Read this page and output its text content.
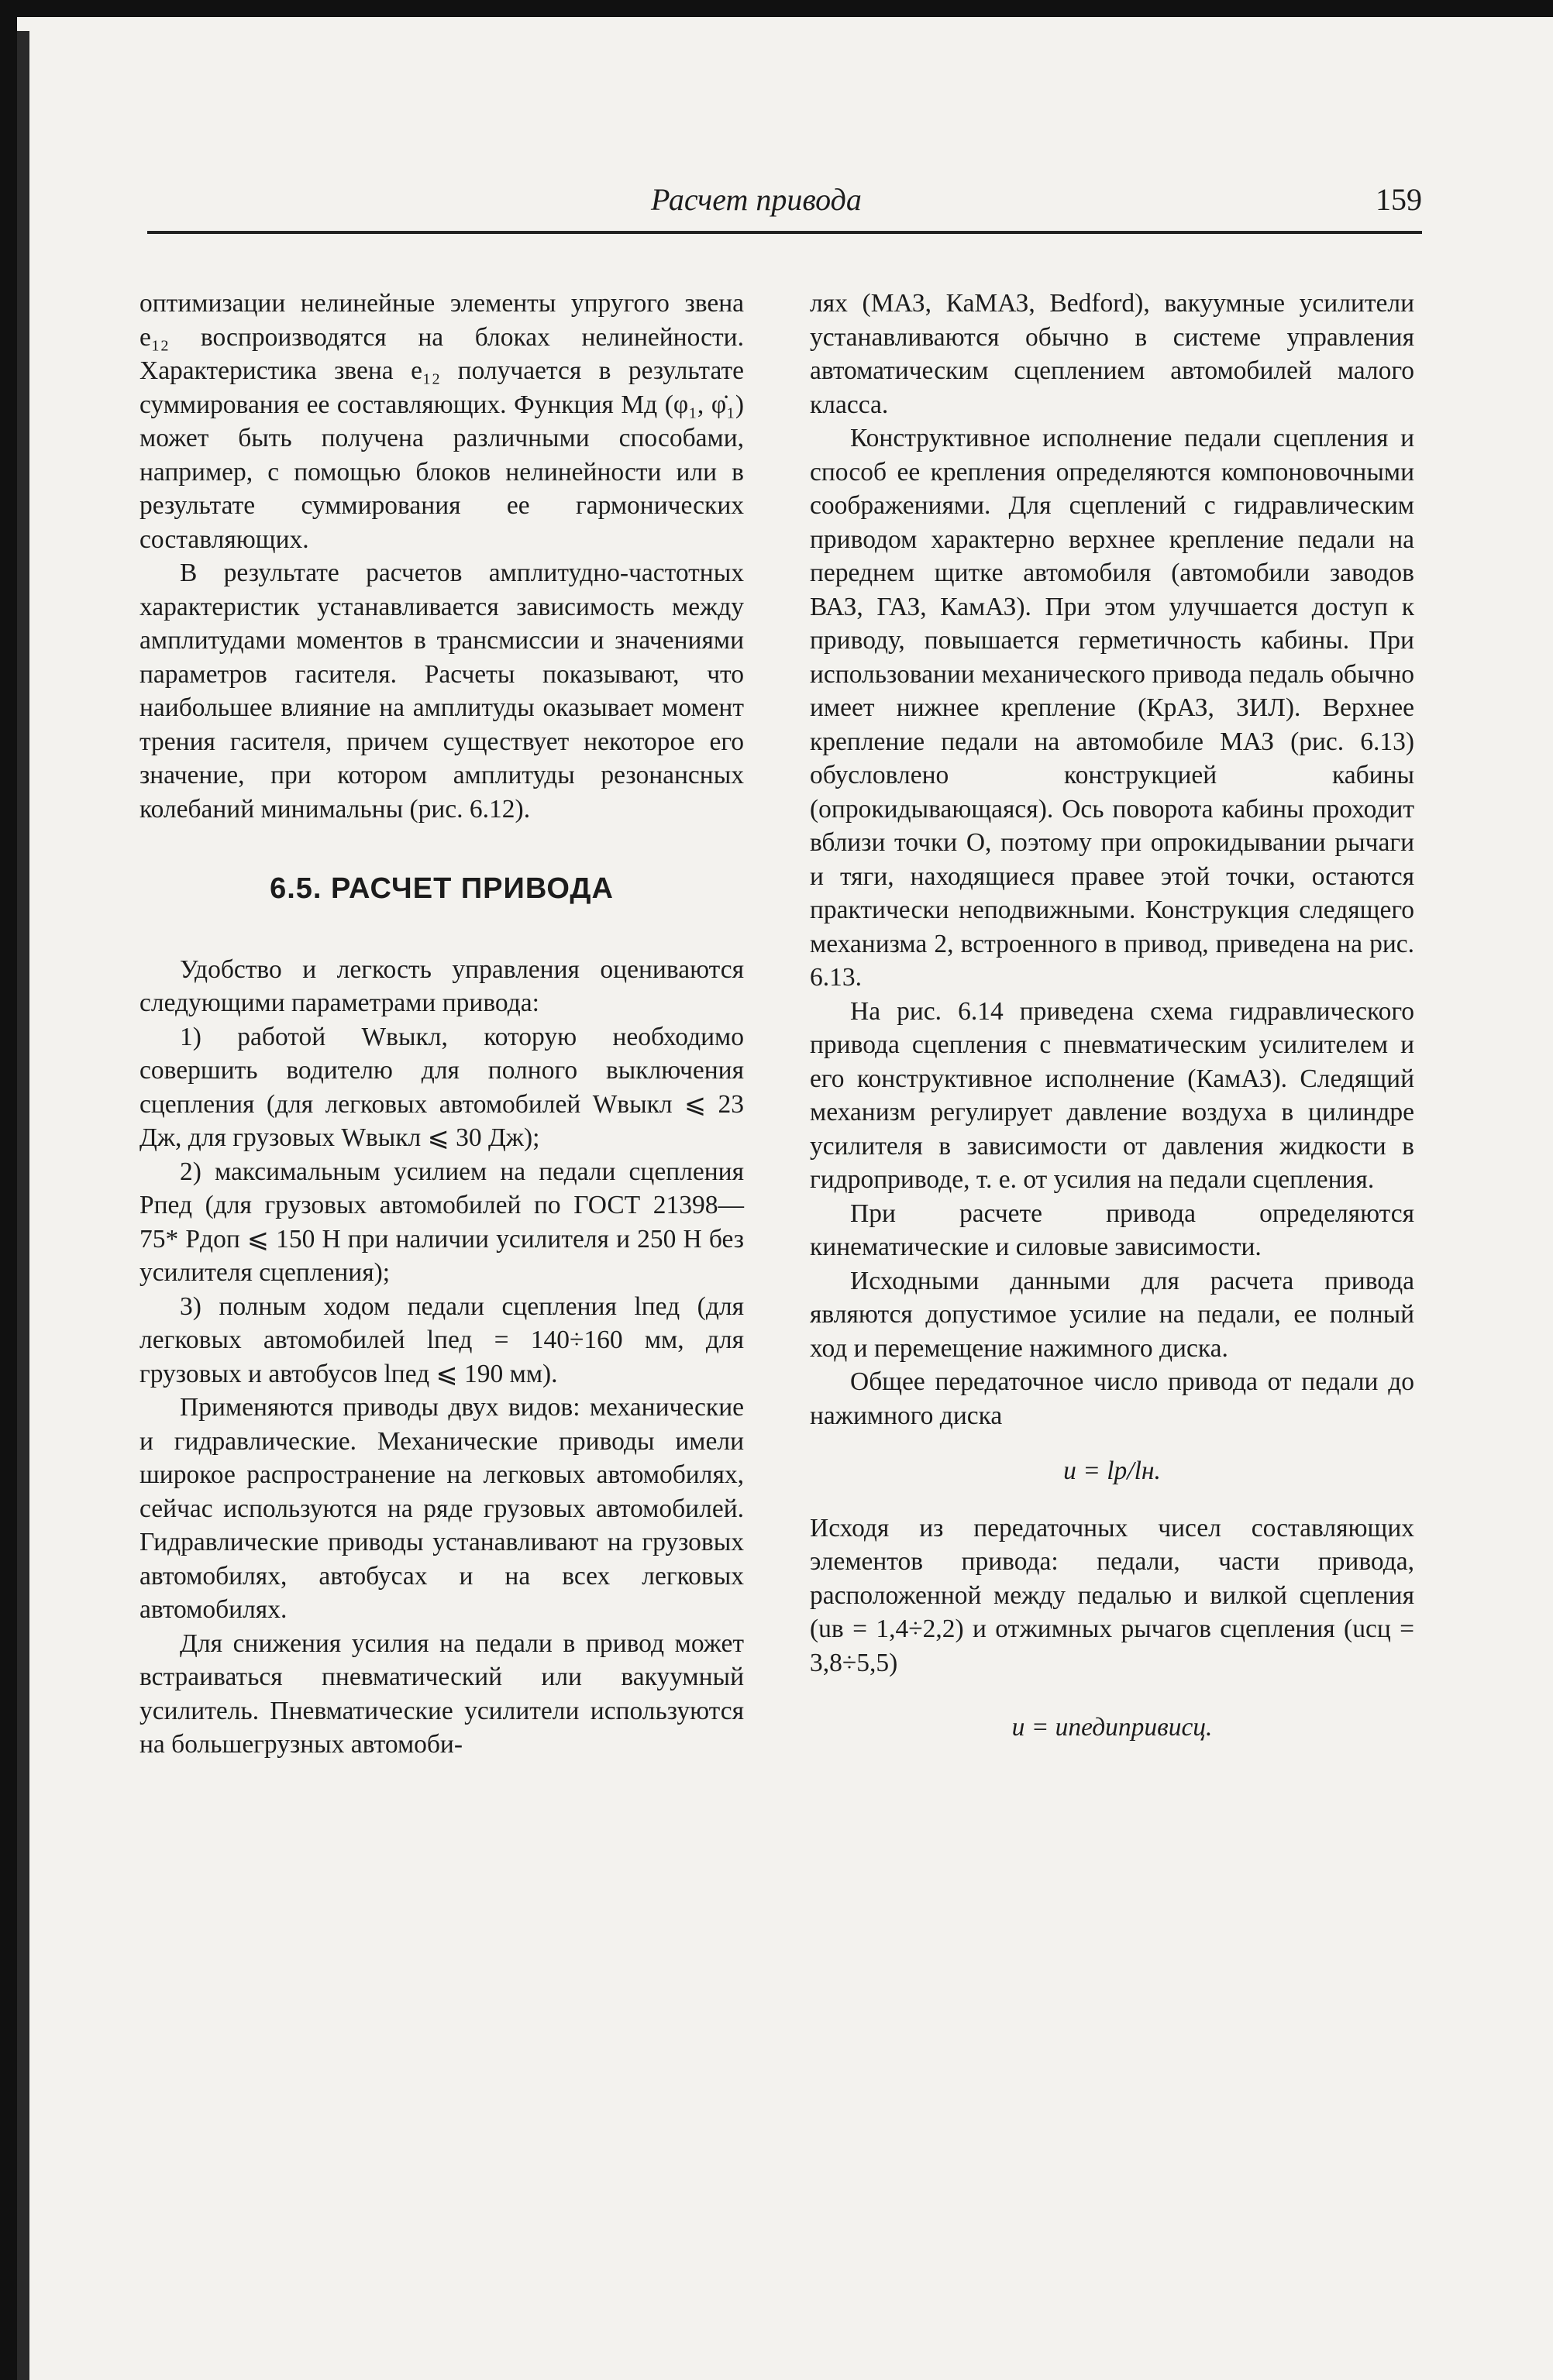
Расчет привода	159

оптимизации нелинейные элементы упругого звена e₁₂ воспроизводятся на блоках нелинейности. Характеристика звена e₁₂ получается в результате суммирования ее составляющих. Функция Mд (φ₁, φ̇₁) может быть получена различными способами, например, с помощью блоков нелинейности или в результате суммирования ее гармонических составляющих.

В результате расчетов амплитудно-частотных характеристик устанавливается зависимость между амплитудами моментов в трансмиссии и значениями параметров гасителя. Расчеты показывают, что наибольшее влияние на амплитуды оказывает момент трения гасителя, причем существует некоторое его значение, при котором амплитуды резонансных колебаний минимальны (рис. 6.12).

6.5. РАСЧЕТ ПРИВОДА

Удобство и легкость управления оцениваются следующими параметрами привода:

1) работой Wвыкл, которую необходимо совершить водителю для полного выключения сцепления (для легковых автомобилей Wвыкл ⩽ 23 Дж, для грузовых Wвыкл ⩽ 30 Дж);

2) максимальным усилием на педали сцепления Pпед (для грузовых автомобилей по ГОСТ 21398—75* Pдоп ⩽ 150 Н при наличии усилителя и 250 Н без усилителя сцепления);

3) полным ходом педали сцепления lпед (для легковых автомобилей lпед = 140÷160 мм, для грузовых и автобусов lпед ⩽ 190 мм).

Применяются приводы двух видов: механические и гидравлические. Механические приводы имели широкое распространение на легковых автомобилях, сейчас используются на ряде грузовых автомобилей. Гидравлические приводы устанавливают на грузовых автомобилях, автобусах и на всех легковых автомобилях.

Для снижения усилия на педали в привод может встраиваться пневматический или вакуумный усилитель. Пневматические усилители используются на большегрузных автомоби-

лях (МАЗ, КаМАЗ, Bedford), вакуумные усилители устанавливаются обычно в системе управления автоматическим сцеплением автомобилей малого класса.

Конструктивное исполнение педали сцепления и способ ее крепления определяются компоновочными соображениями. Для сцеплений с гидравлическим приводом характерно верхнее крепление педали на переднем щитке автомобиля (автомобили заводов ВАЗ, ГАЗ, КамАЗ). При этом улучшается доступ к приводу, повышается герметичность кабины. При использовании механического привода педаль обычно имеет нижнее крепление (КрАЗ, ЗИЛ). Верхнее крепление педали на автомобиле МАЗ (рис. 6.13) обусловлено конструкцией кабины (опрокидывающаяся). Ось поворота кабины проходит вблизи точки O, поэтому при опрокидывании рычаги и тяги, находящиеся правее этой точки, остаются практически неподвижными. Конструкция следящего механизма 2, встроенного в привод, приведена на рис. 6.13.

На рис. 6.14 приведена схема гидравлического привода сцепления с пневматическим усилителем и его конструктивное исполнение (КамАЗ). Следящий механизм регулирует давление воздуха в цилиндре усилителя в зависимости от давления жидкости в гидроприводе, т. е. от усилия на педали сцепления.

При расчете привода определяются кинематические и силовые зависимости.

Исходными данными для расчета привода являются допустимое усилие на педали, ее полный ход и перемещение нажимного диска.

Общее передаточное число привода от педали до нажимного диска

u = lр/lн.

Исходя из передаточных чисел составляющих элементов привода: педали, части привода, расположенной между педалью и вилкой сцепления (uв = 1,4÷2,2) и отжимных рычагов сцепления (uсц = 3,8÷5,5)

u = uпедuпрuвuсц.
